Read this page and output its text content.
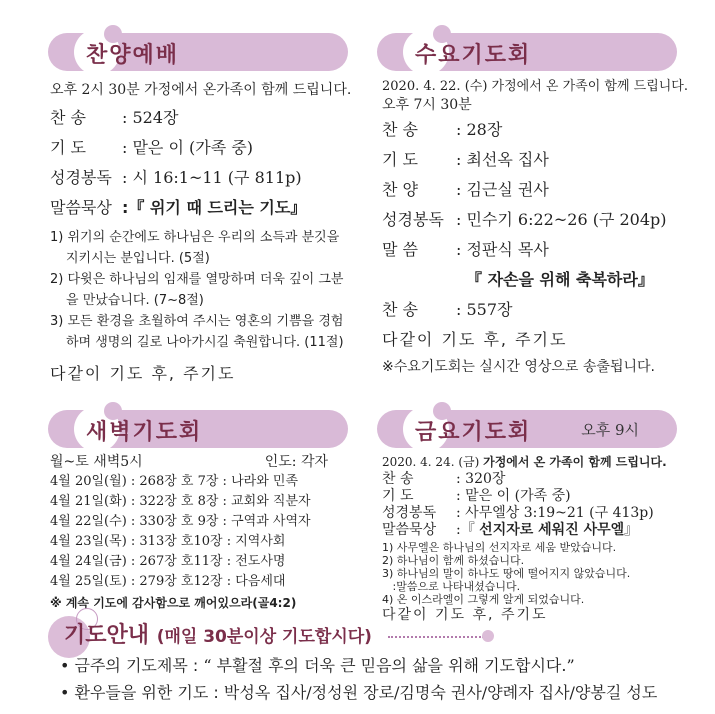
찬양예배
오후 2시 30분 가정에서 온가족이 함께 드립니다.
찬 송 : 524장
기 도 : 맡은 이 (가족 중)
성경봉독 : 시 16:1~11 (구 811p)
말씀묵상 :『 위기 때 드리는 기도』
1) 위기의 순간에도 하나님은 우리의 소득과 분깃을 지키시는 분입니다. (5절)
2) 다윗은 하나님의 임재를 열망하며 더욱 깊이 그분을 만났습니다. (7~8절)
3) 모든 환경을 초월하여 주시는 영혼의 기쁨을 경험하며 생명의 길로 나아가시길 축원합니다. (11절)
다같이 기도 후, 주기도
수요기도회
2020. 4. 22. (수) 가정에서 온 가족이 함께 드립니다.
오후 7시 30분
찬 송 : 28장
기 도 : 최선옥 집사
찬 양 : 김근실 권사
성경봉독 : 민수기 6:22~26 (구 204p)
말 씀 : 정판식 목사
『 자손을 위해 축복하라』
찬 송 : 557장
다같이 기도 후, 주기도
※수요기도회는 실시간 영상으로 송출됩니다.
새벽기도회
월~토 새벽5시	인도: 각자
4월 20일(월) : 268장 호 7장 : 나라와 민족
4월 21일(화) : 322장 호 8장 : 교회와 직분자
4월 22일(수) : 330장 호 9장 : 구역과 사역자
4월 23일(목) : 313장 호10장 : 지역사회
4월 24일(금) : 267장 호11장 : 전도사명
4월 25일(토) : 279장 호12장 : 다음세대
※ 계속 기도에 감사함으로 깨어있으라(골4:2)
금요기도회	오후 9시
2020. 4. 24. (금) 가정에서 온 가족이 함께 드립니다.
찬 송	: 320장
기 도	: 맡은 이 (가족 중)
성경봉독 : 사무엘상 3:19~21 (구 413p)
말씀묵상 :『 선지자로 세워진 사무엘』
1) 사무엘은 하나님의 선지자로 세움 받았습니다.
2) 하나님이 함께 하셨습니다.
3) 하나님의 말이 하나도 땅에 떨어지지 않았습니다.
:말씀으로 나타내셨습니다.
4) 온 이스라엘이 그렇게 알게 되었습니다.
다같이 기도 후, 주기도
기도안내 (매일 30분이상 기도합시다)
• 금주의 기도제목 : “ 부활절 후의 더욱 큰 믿음의 삶을 위해 기도합시다.”
• 환우들을 위한 기도 : 박성옥 집사/정성원 장로/김명숙 권사/양례자 집사/양봉길 성도
